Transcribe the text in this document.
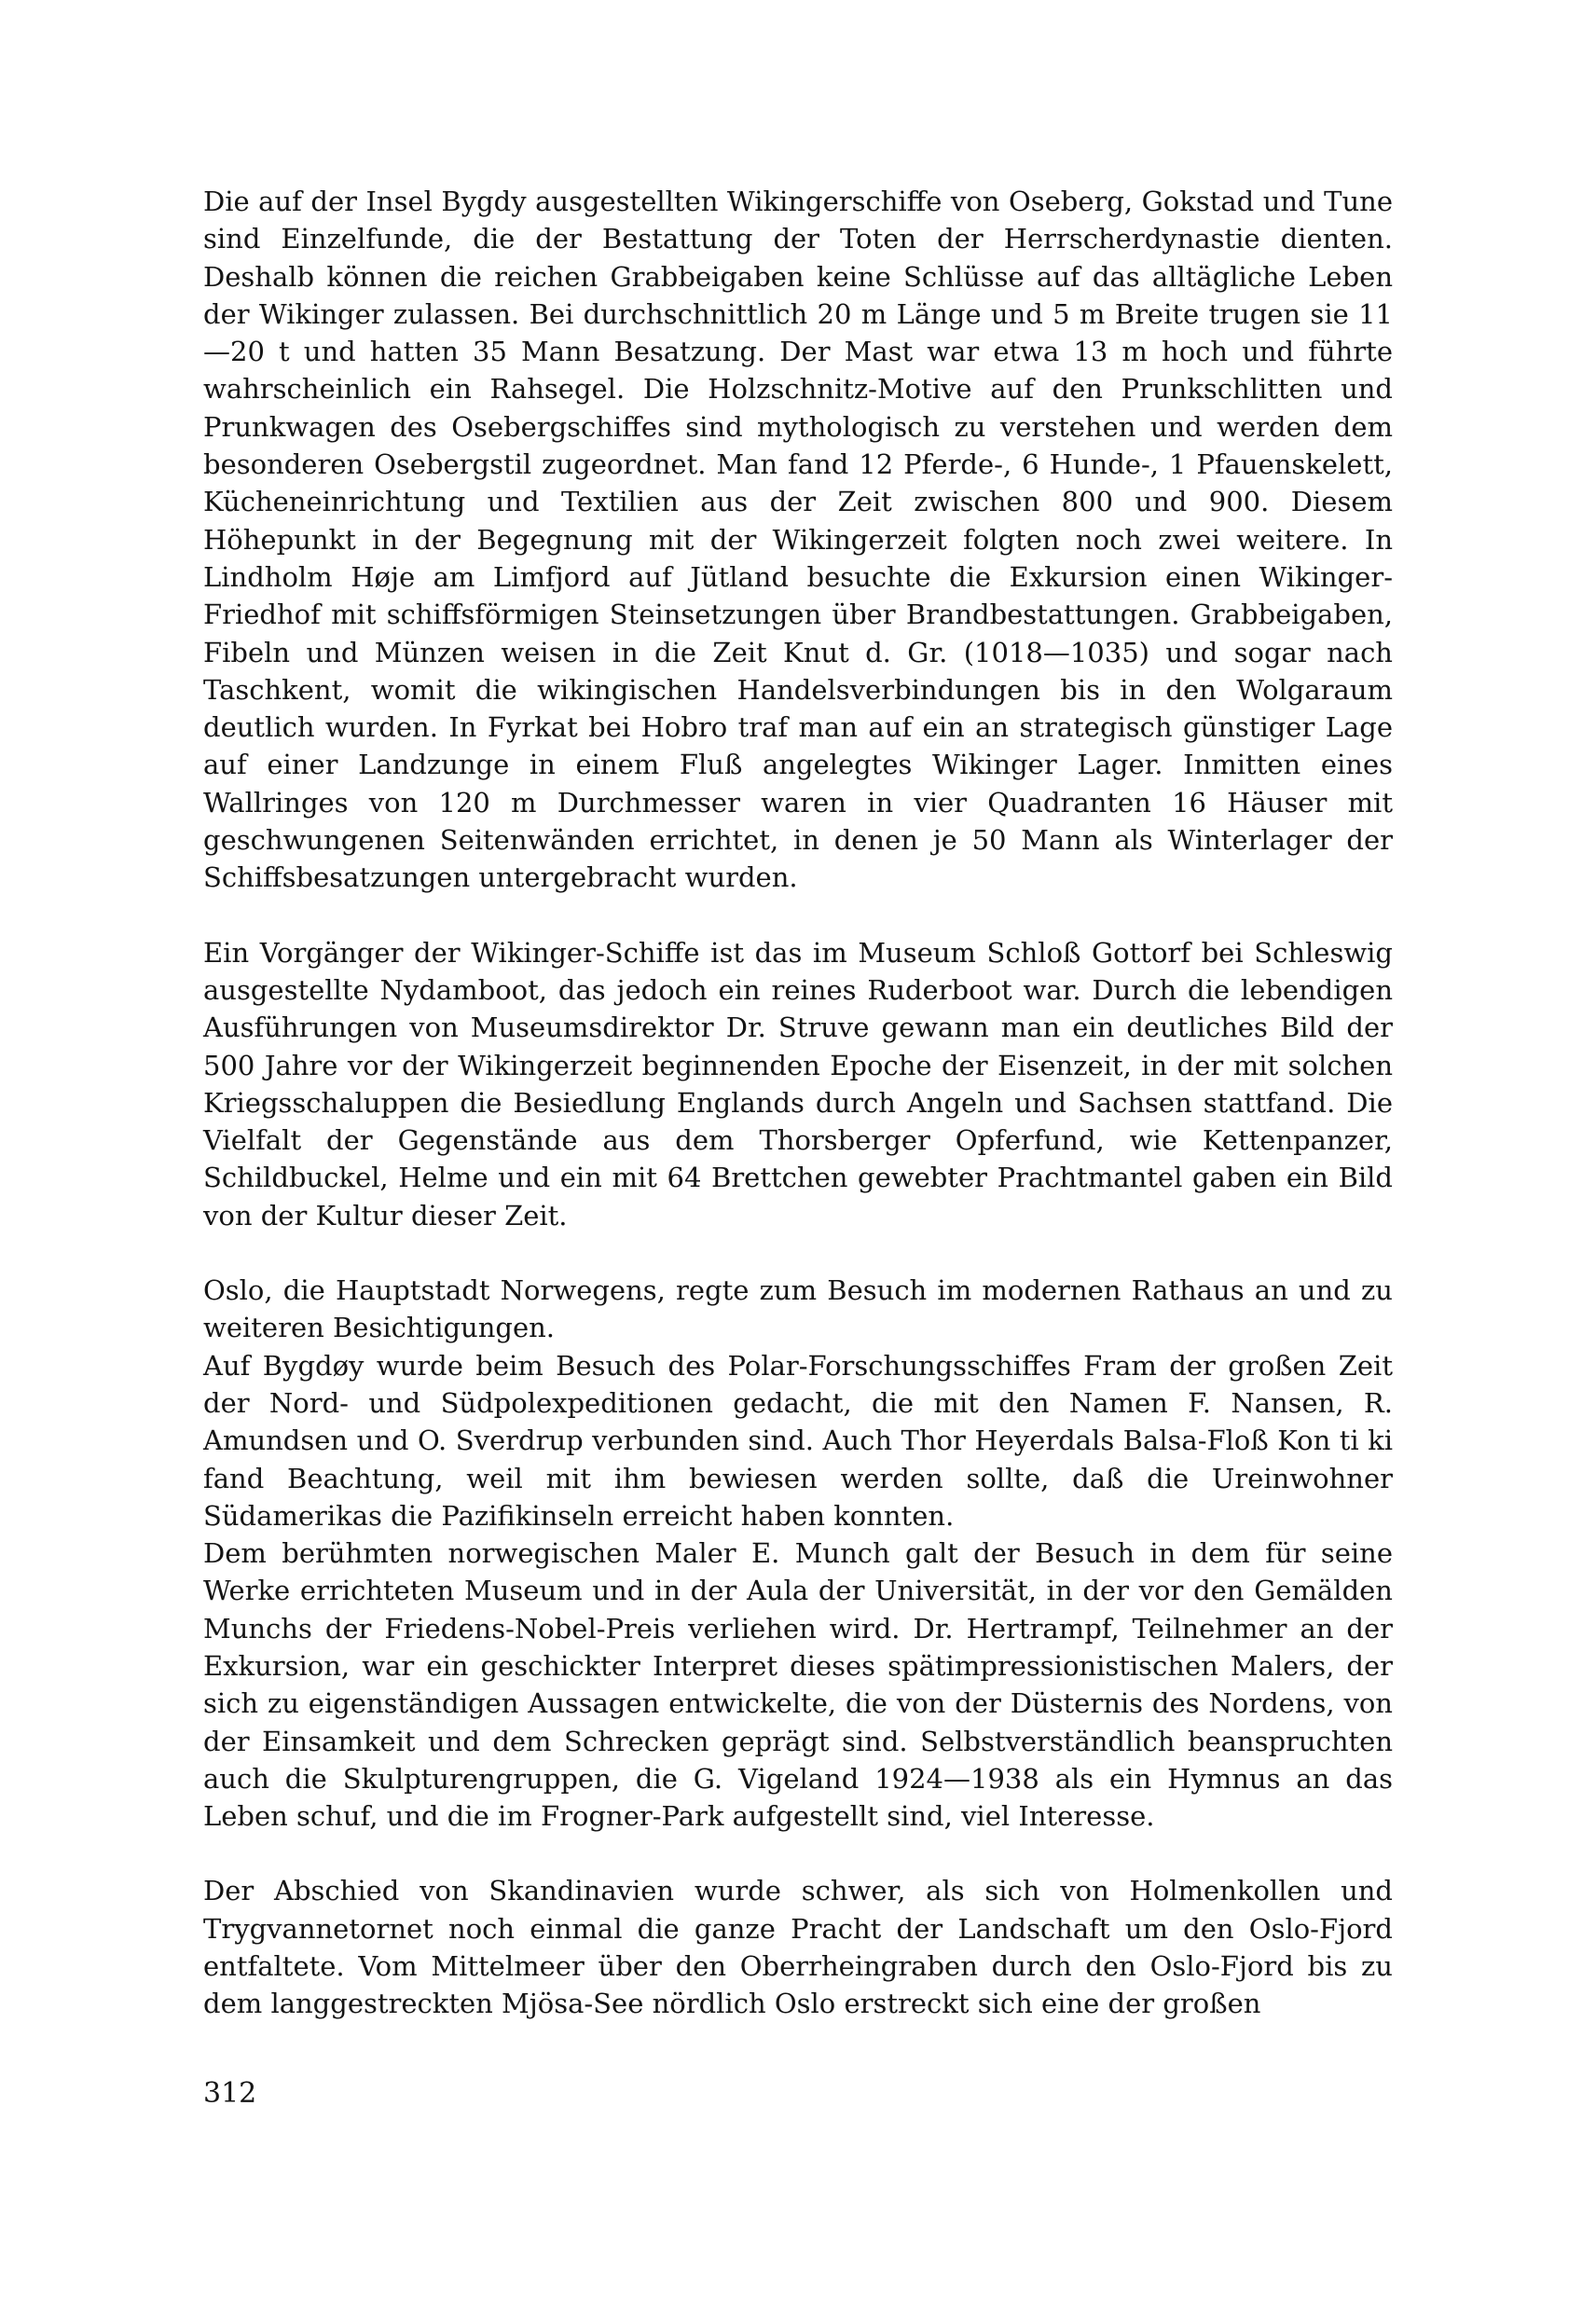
Die auf der Insel Bygdy ausgestellten Wikingerschiffe von Oseberg, Gokstad und Tune sind Einzelfunde, die der Bestattung der Toten der Herrscherdynastie dienten. Deshalb können die reichen Grabbeigaben keine Schlüsse auf das alltägliche Leben der Wikinger zulassen. Bei durchschnittlich 20 m Länge und 5 m Breite trugen sie 11—20 t und hatten 35 Mann Besatzung. Der Mast war etwa 13 m hoch und führte wahrscheinlich ein Rahsegel. Die Holzschnitz-Motive auf den Prunkschlitten und Prunkwagen des Osebergschiffes sind mythologisch zu verstehen und werden dem besonderen Osebergstil zugeordnet. Man fand 12 Pferde-, 6 Hunde-, 1 Pfauenskelett, Kücheneinrichtung und Textilien aus der Zeit zwischen 800 und 900. Diesem Höhepunkt in der Begegnung mit der Wikingerzeit folgten noch zwei weitere. In Lindholm Høje am Limfjord auf Jütland besuchte die Exkursion einen Wikinger-Friedhof mit schiffsförmigen Steinsetzungen über Brandbestattungen. Grabbeigaben, Fibeln und Münzen weisen in die Zeit Knut d. Gr. (1018—1035) und sogar nach Taschkent, womit die wikingischen Handelsverbindungen bis in den Wolgaraum deutlich wurden. In Fyrkat bei Hobro traf man auf ein an strategisch günstiger Lage auf einer Landzunge in einem Fluß angelegtes Wikinger Lager. Inmitten eines Wallringes von 120 m Durchmesser waren in vier Quadranten 16 Häuser mit geschwungenen Seitenwänden errichtet, in denen je 50 Mann als Winterlager der Schiffsbesatzungen untergebracht wurden.

Ein Vorgänger der Wikinger-Schiffe ist das im Museum Schloß Gottorf bei Schleswig ausgestellte Nydamboot, das jedoch ein reines Ruderboot war. Durch die lebendigen Ausführungen von Museumsdirektor Dr. Struve gewann man ein deutliches Bild der 500 Jahre vor der Wikingerzeit beginnenden Epoche der Eisenzeit, in der mit solchen Kriegsschaluppen die Besiedlung Englands durch Angeln und Sachsen stattfand. Die Vielfalt der Gegenstände aus dem Thorsberger Opferfund, wie Kettenpanzer, Schildbuckel, Helme und ein mit 64 Brettchen gewebter Prachtmantel gaben ein Bild von der Kultur dieser Zeit.

Oslo, die Hauptstadt Norwegens, regte zum Besuch im modernen Rathaus an und zu weiteren Besichtigungen.

Auf Bygdøy wurde beim Besuch des Polar-Forschungsschiffes Fram der großen Zeit der Nord- und Südpolexpeditionen gedacht, die mit den Namen F. Nansen, R. Amundsen und O. Sverdrup verbunden sind. Auch Thor Heyerdals Balsa-Floß Kon ti ki fand Beachtung, weil mit ihm bewiesen werden sollte, daß die Ureinwohner Südamerikas die Pazifikinseln erreicht haben konnten.

Dem berühmten norwegischen Maler E. Munch galt der Besuch in dem für seine Werke errichteten Museum und in der Aula der Universität, in der vor den Gemälden Munchs der Friedens-Nobel-Preis verliehen wird. Dr. Hertrampf, Teilnehmer an der Exkursion, war ein geschickter Interpret dieses spätimpressionistischen Malers, der sich zu eigenständigen Aussagen entwickelte, die von der Düsternis des Nordens, von der Einsamkeit und dem Schrecken geprägt sind. Selbstverständlich beanspruchten auch die Skulpturengruppen, die G. Vigeland 1924—1938 als ein Hymnus an das Leben schuf, und die im Frogner-Park aufgestellt sind, viel Interesse.

Der Abschied von Skandinavien wurde schwer, als sich von Holmenkollen und Trygvannetornet noch einmal die ganze Pracht der Landschaft um den Oslo-Fjord entfaltete. Vom Mittelmeer über den Oberrheingraben durch den Oslo-Fjord bis zu dem langgestreckten Mjösa-See nördlich Oslo erstreckt sich eine der großen

312
